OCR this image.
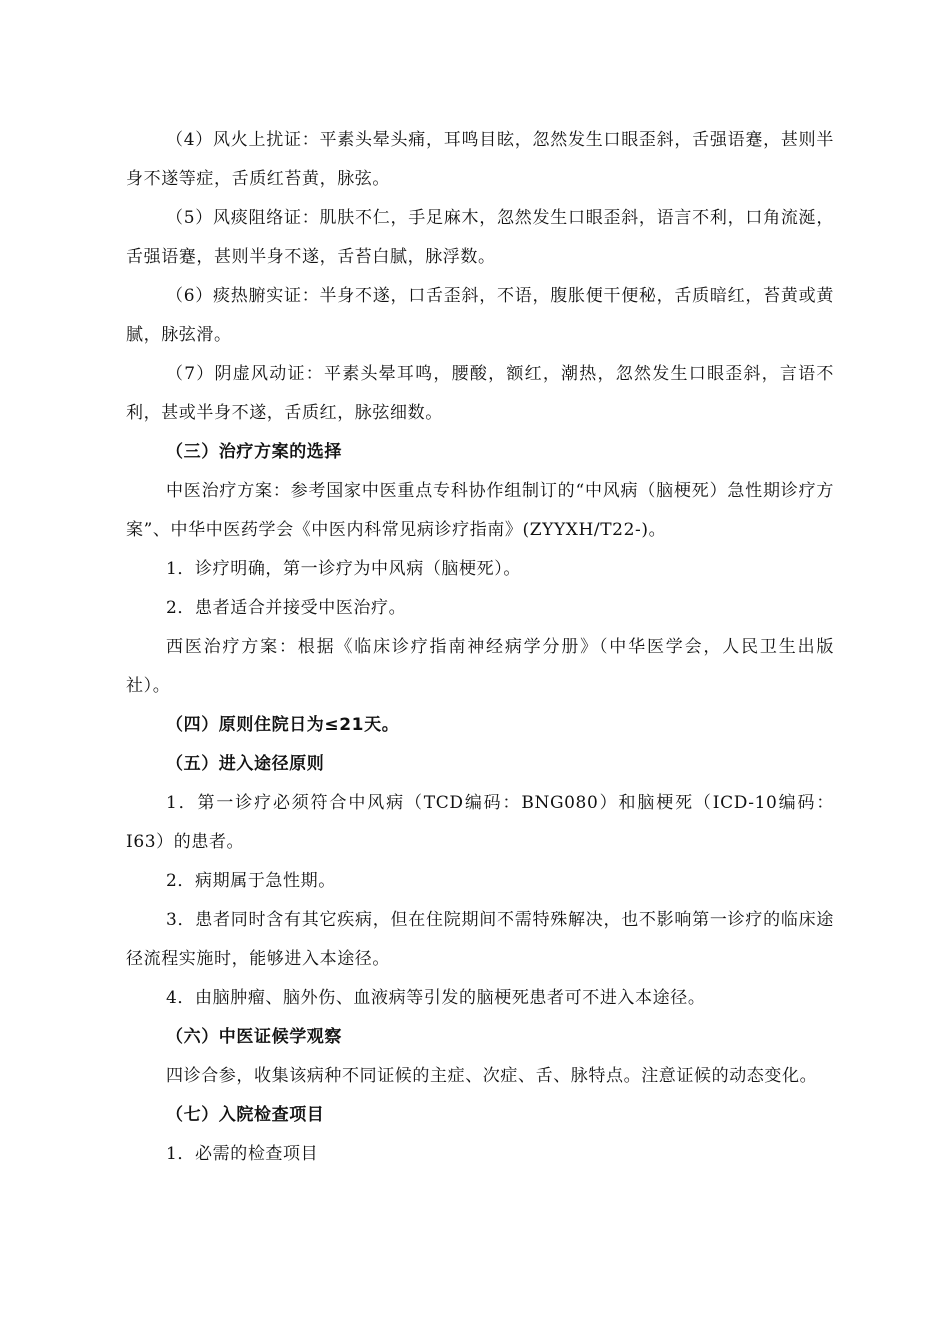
（4）风火上扰证：平素头晕头痛，耳鸣目眩，忽然发生口眼歪斜，舌强语蹇，甚则半身不遂等症，舌质红苔黄，脉弦。

（5）风痰阻络证：肌肤不仁，手足麻木，忽然发生口眼歪斜，语言不利，口角流涎，舌强语蹇，甚则半身不遂，舌苔白腻，脉浮数。

（6）痰热腑实证：半身不遂，口舌歪斜，不语，腹胀便干便秘，舌质暗红，苔黄或黄腻，脉弦滑。

（7）阴虚风动证：平素头晕耳鸣，腰酸，额红，潮热，忽然发生口眼歪斜，言语不利，甚或半身不遂，舌质红，脉弦细数。

（三）治疗方案的选择

中医治疗方案：参考国家中医重点专科协作组制订的“中风病（脑梗死）急性期诊疗方案”、中华中医药学会《中医内科常见病诊疗指南》(ZYYXH/T22-)。

1．诊疗明确，第一诊疗为中风病（脑梗死）。

2．患者适合并接受中医治疗。

西医治疗方案：根据《临床诊疗指南神经病学分册》（中华医学会，人民卫生出版社）。

（四）原则住院日为≤21天。

（五）进入途径原则

1．第一诊疗必须符合中风病（TCD编码：BNG080）和脑梗死（ICD-10编码：I63）的患者。

2．病期属于急性期。

3．患者同时含有其它疾病，但在住院期间不需特殊解决，也不影响第一诊疗的临床途径流程实施时，能够进入本途径。

4．由脑肿瘤、脑外伤、血液病等引发的脑梗死患者可不进入本途径。

（六）中医证候学观察

四诊合参，收集该病种不同证候的主症、次症、舌、脉特点。注意证候的动态变化。

（七）入院检查项目

1．必需的检查项目
